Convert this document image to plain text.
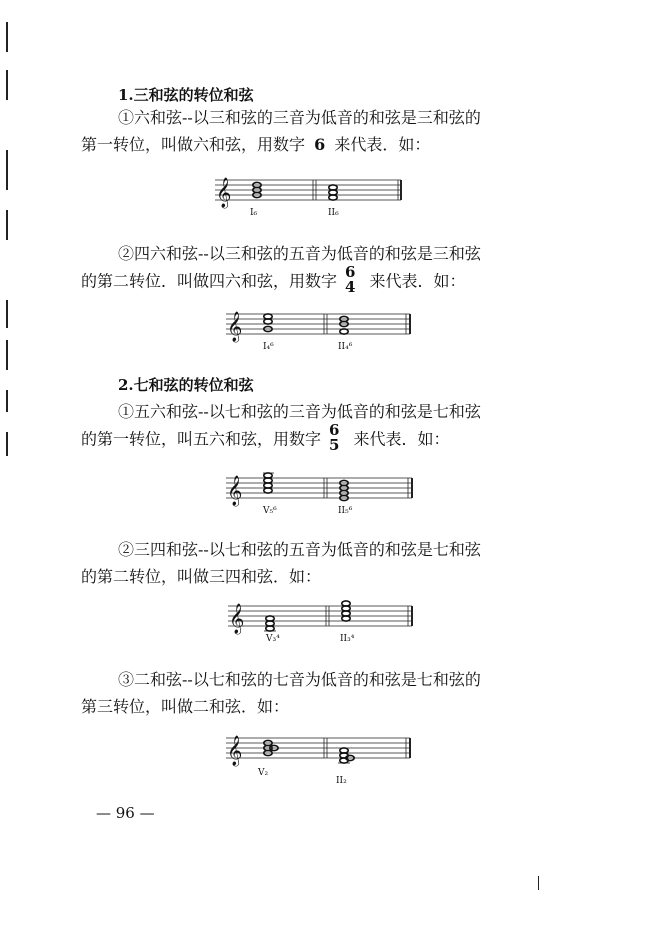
1.三和弦的转位和弦
①六和弦--以三和弦的三音为低音的和弦是三和弦的
第一转位，叫做六和弦，用数字 6 来代表．如：
𝄞
I₆	II₆
②四六和弦--以三和弦的五音为低音的和弦是三和弦
的第二转位．叫做四六和弦，用数字 6
4 来代表．如：
𝄞
I₄⁶	II₄⁶
2.七和弦的转位和弦
①五六和弦--以七和弦的三音为低音的和弦是七和弦
的第一转位，叫五六和弦，用数字 6
5 来代表．如：
𝄞
V₅⁶	II₅⁶
②三四和弦--以七和弦的五音为低音的和弦是七和弦
的第二转位，叫做三四和弦．如：
𝄞
V₃⁴	II₃⁴
③二和弦--以七和弦的七音为低音的和弦是七和弦的
第三转位，叫做二和弦．如：
𝄞
V₂
II₂
— 96 —
